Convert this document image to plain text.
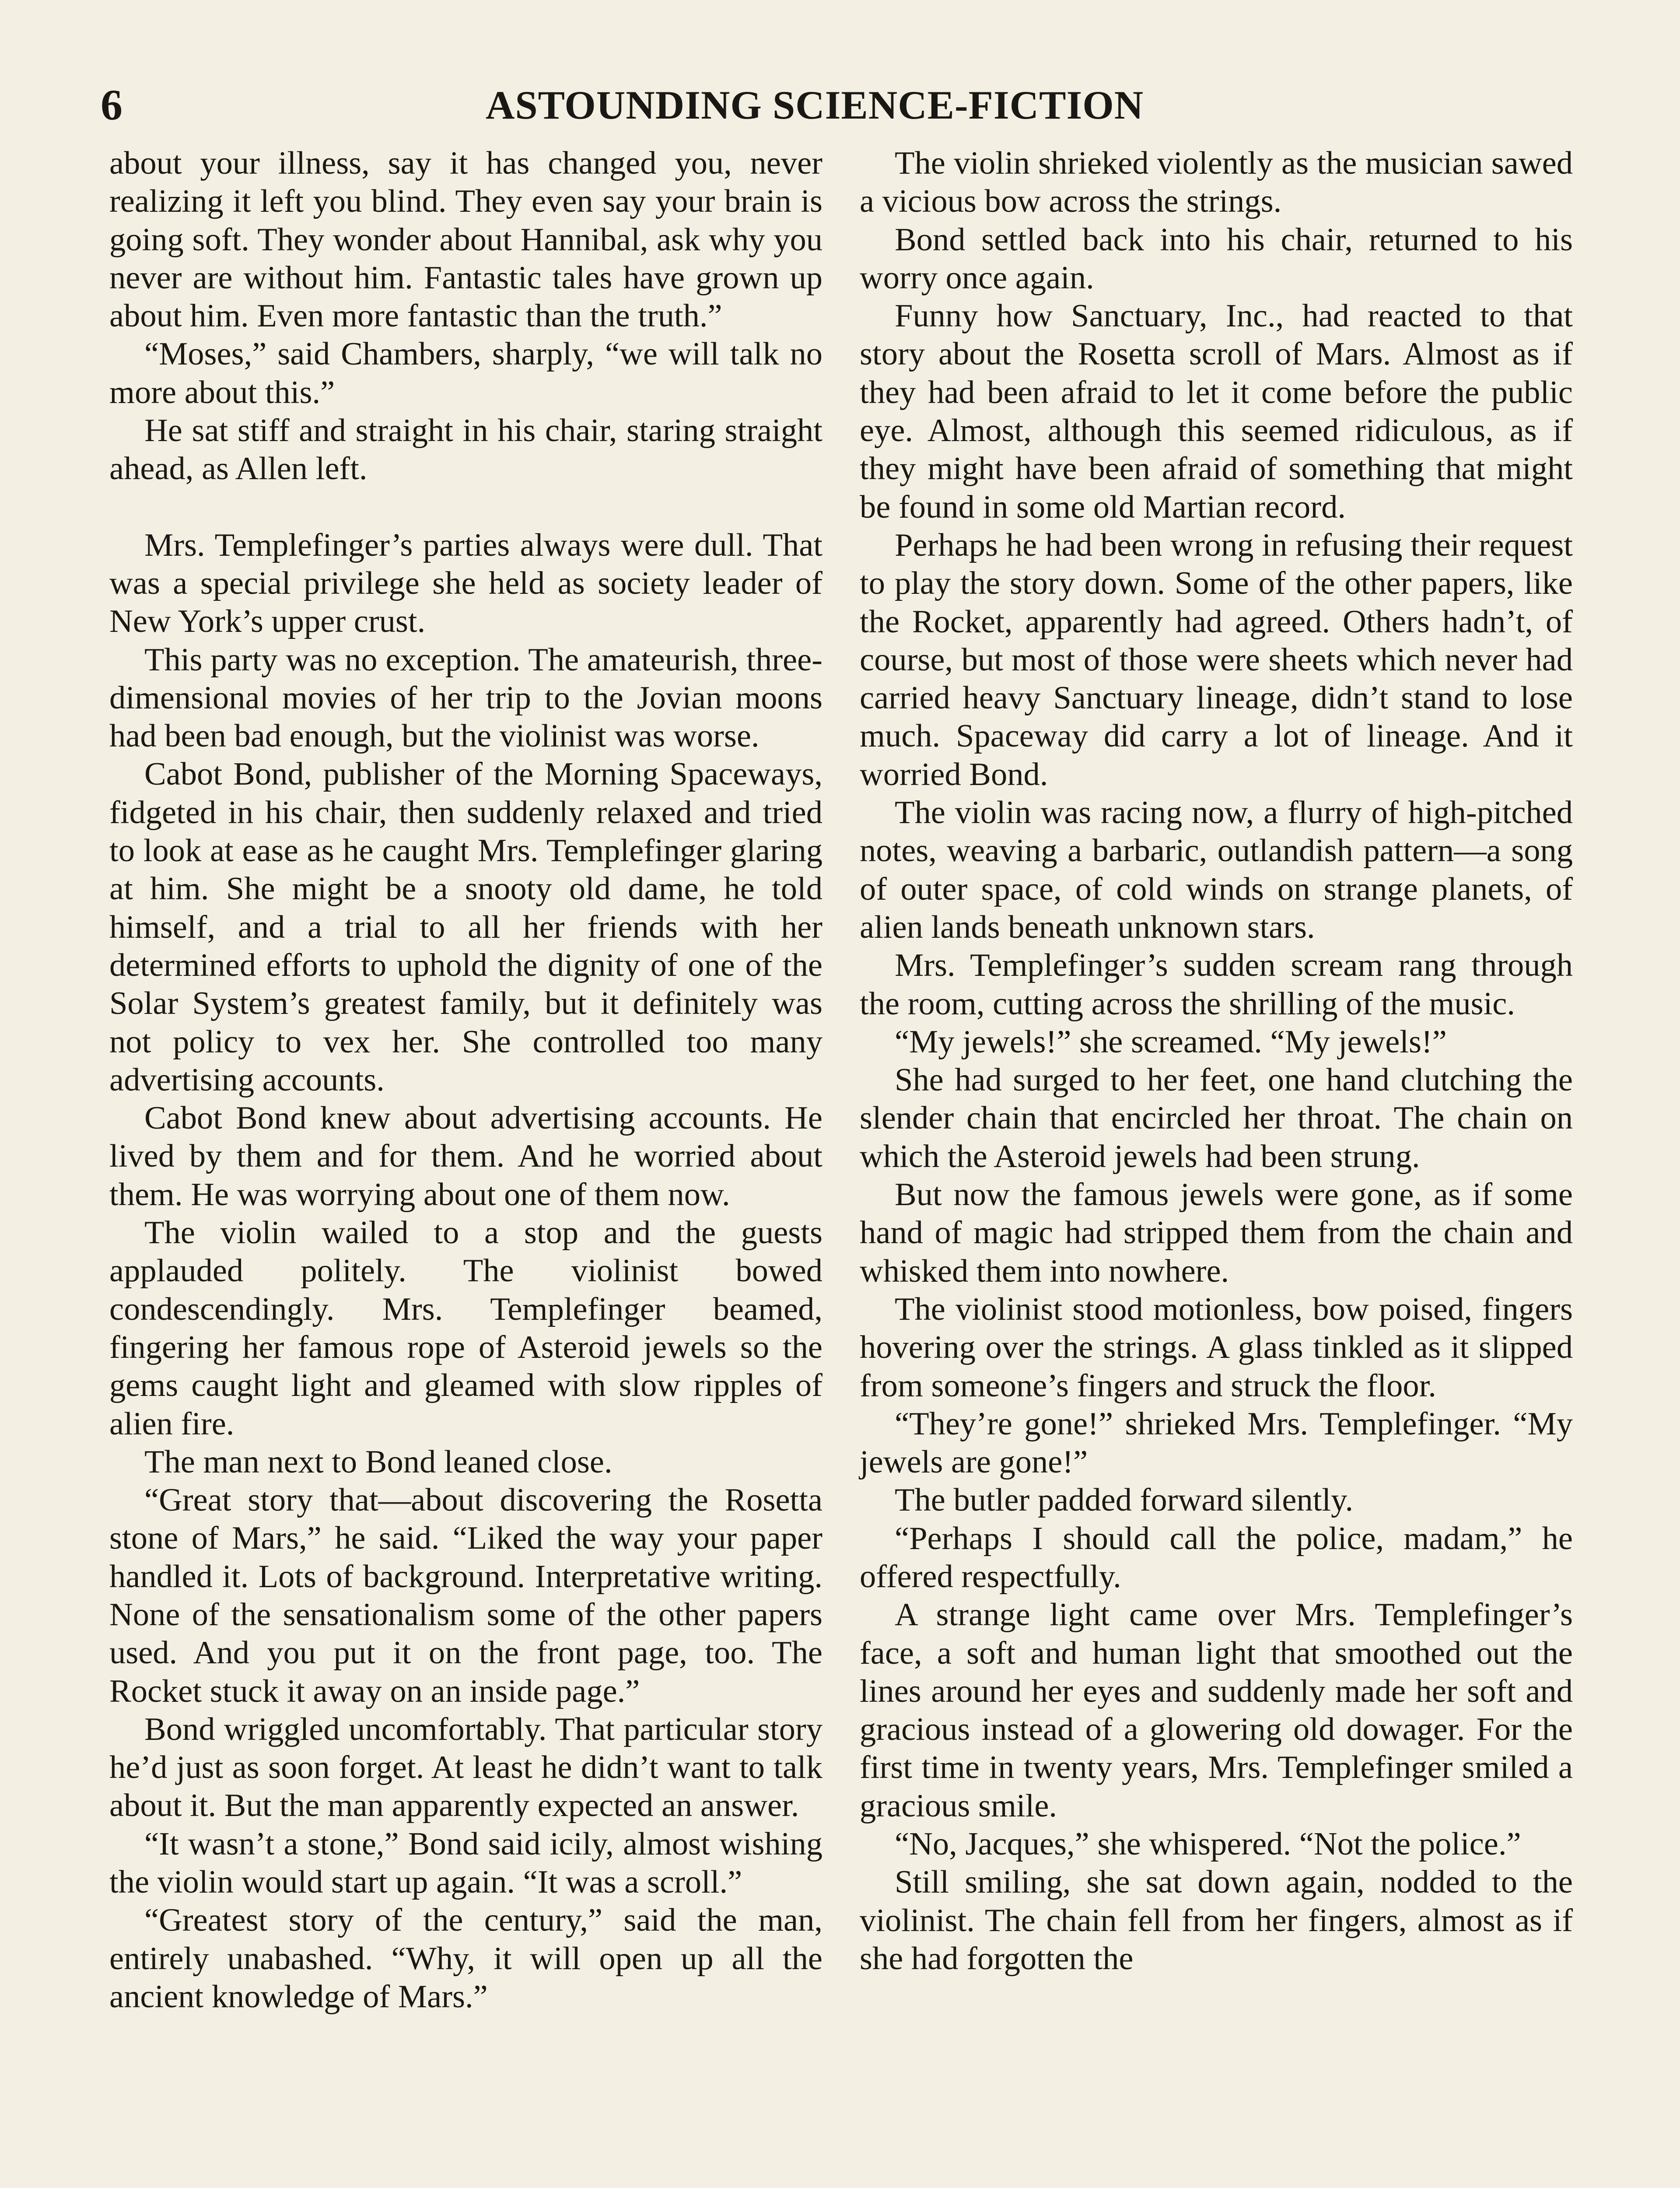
6	ASTOUNDING SCIENCE-FICTION

about your illness, say it has changed you, never realizing it left you blind. They even say your brain is going soft. They wonder about Hannibal, ask why you never are without him. Fantastic tales have grown up about him. Even more fantastic than the truth.”

“Moses,” said Chambers, sharply, “we will talk no more about this.”

He sat stiff and straight in his chair, staring straight ahead, as Allen left.

Mrs. Templefinger’s parties always were dull. That was a special privilege she held as society leader of New York’s upper crust.

This party was no exception. The amateurish, three-dimensional movies of her trip to the Jovian moons had been bad enough, but the violinist was worse.

Cabot Bond, publisher of the Morning Spaceways, fidgeted in his chair, then suddenly relaxed and tried to look at ease as he caught Mrs. Templefinger glaring at him. She might be a snooty old dame, he told himself, and a trial to all her friends with her determined efforts to uphold the dignity of one of the Solar System’s greatest family, but it definitely was not policy to vex her. She controlled too many advertising accounts.

Cabot Bond knew about advertising accounts. He lived by them and for them. And he worried about them. He was worrying about one of them now.

The violin wailed to a stop and the guests applauded politely. The violinist bowed condescendingly. Mrs. Templefinger beamed, fingering her famous rope of Asteroid jewels so the gems caught light and gleamed with slow ripples of alien fire.

The man next to Bond leaned close.

“Great story that—about discovering the Rosetta stone of Mars,” he said. “Liked the way your paper handled it. Lots of background. Interpretative writing. None of the sensationalism some of the other papers used. And you put it on the front page, too. The Rocket stuck it away on an inside page.”

Bond wriggled uncomfortably. That particular story he’d just as soon forget. At least he didn’t want to talk about it. But the man apparently expected an answer.

“It wasn’t a stone,” Bond said icily, almost wishing the violin would start up again. “It was a scroll.”

“Greatest story of the century,” said the man, entirely unabashed. “Why, it will open up all the ancient knowledge of Mars.”

The violin shrieked violently as the musician sawed a vicious bow across the strings.

Bond settled back into his chair, returned to his worry once again.

Funny how Sanctuary, Inc., had reacted to that story about the Rosetta scroll of Mars. Almost as if they had been afraid to let it come before the public eye. Almost, although this seemed ridiculous, as if they might have been afraid of something that might be found in some old Martian record.

Perhaps he had been wrong in refusing their request to play the story down. Some of the other papers, like the Rocket, apparently had agreed. Others hadn’t, of course, but most of those were sheets which never had carried heavy Sanctuary lineage, didn’t stand to lose much. Spaceway did carry a lot of lineage. And it worried Bond.

The violin was racing now, a flurry of high-pitched notes, weaving a barbaric, outlandish pattern—a song of outer space, of cold winds on strange planets, of alien lands beneath unknown stars.

Mrs. Templefinger’s sudden scream rang through the room, cutting across the shrilling of the music.

“My jewels!” she screamed. “My jewels!”

She had surged to her feet, one hand clutching the slender chain that encircled her throat. The chain on which the Asteroid jewels had been strung.

But now the famous jewels were gone, as if some hand of magic had stripped them from the chain and whisked them into nowhere.

The violinist stood motionless, bow poised, fingers hovering over the strings. A glass tinkled as it slipped from someone’s fingers and struck the floor.

“They’re gone!” shrieked Mrs. Templefinger. “My jewels are gone!”

The butler padded forward silently.

“Perhaps I should call the police, madam,” he offered respectfully.

A strange light came over Mrs. Templefinger’s face, a soft and human light that smoothed out the lines around her eyes and suddenly made her soft and gracious instead of a glowering old dowager. For the first time in twenty years, Mrs. Templefinger smiled a gracious smile.

“No, Jacques,” she whispered. “Not the police.”

Still smiling, she sat down again, nodded to the violinist. The chain fell from her fingers, almost as if she had forgotten the
